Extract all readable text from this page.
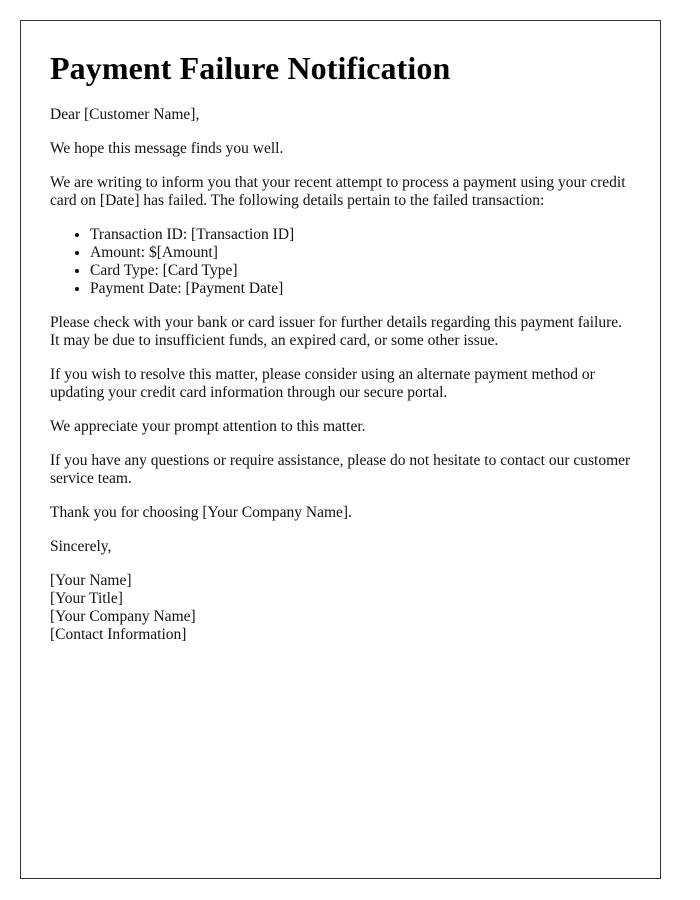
Payment Failure Notification

Dear [Customer Name],

We hope this message finds you well.

We are writing to inform you that your recent attempt to process a payment using your credit card on [Date] has failed. The following details pertain to the failed transaction:

• Transaction ID: [Transaction ID]
• Amount: $[Amount]
• Card Type: [Card Type]
• Payment Date: [Payment Date]

Please check with your bank or card issuer for further details regarding this payment failure. It may be due to insufficient funds, an expired card, or some other issue.

If you wish to resolve this matter, please consider using an alternate payment method or updating your credit card information through our secure portal.

We appreciate your prompt attention to this matter.

If you have any questions or require assistance, please do not hesitate to contact our customer service team.

Thank you for choosing [Your Company Name].

Sincerely,

[Your Name]

[Your Title]

[Your Company Name]

[Contact Information]
